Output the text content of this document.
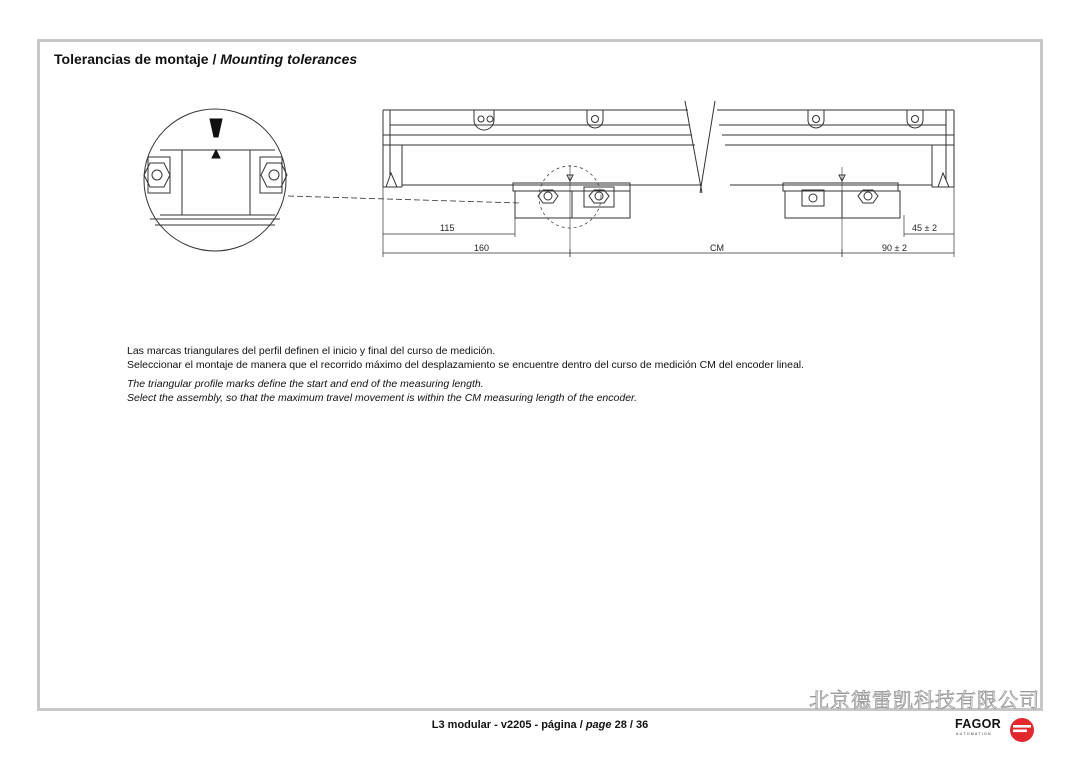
Tolerancias de montaje / Mounting tolerances
115
160	CM	90 ± 2
45 ± 2
Las marcas triangulares del perfil definen el inicio y final del curso de medición.
Seleccionar el montaje de manera que el recorrido máximo del desplazamiento se encuentre dentro del curso de medición CM del encoder lineal.
The triangular profile marks define the start and end of the measuring length.
Select the assembly, so that the maximum travel movement is within the CM measuring length of the encoder.
北京德雷凯科技有限公司
L3 modular - v2205 - página / page 28 / 36	FAGOR
AUTOMATION
